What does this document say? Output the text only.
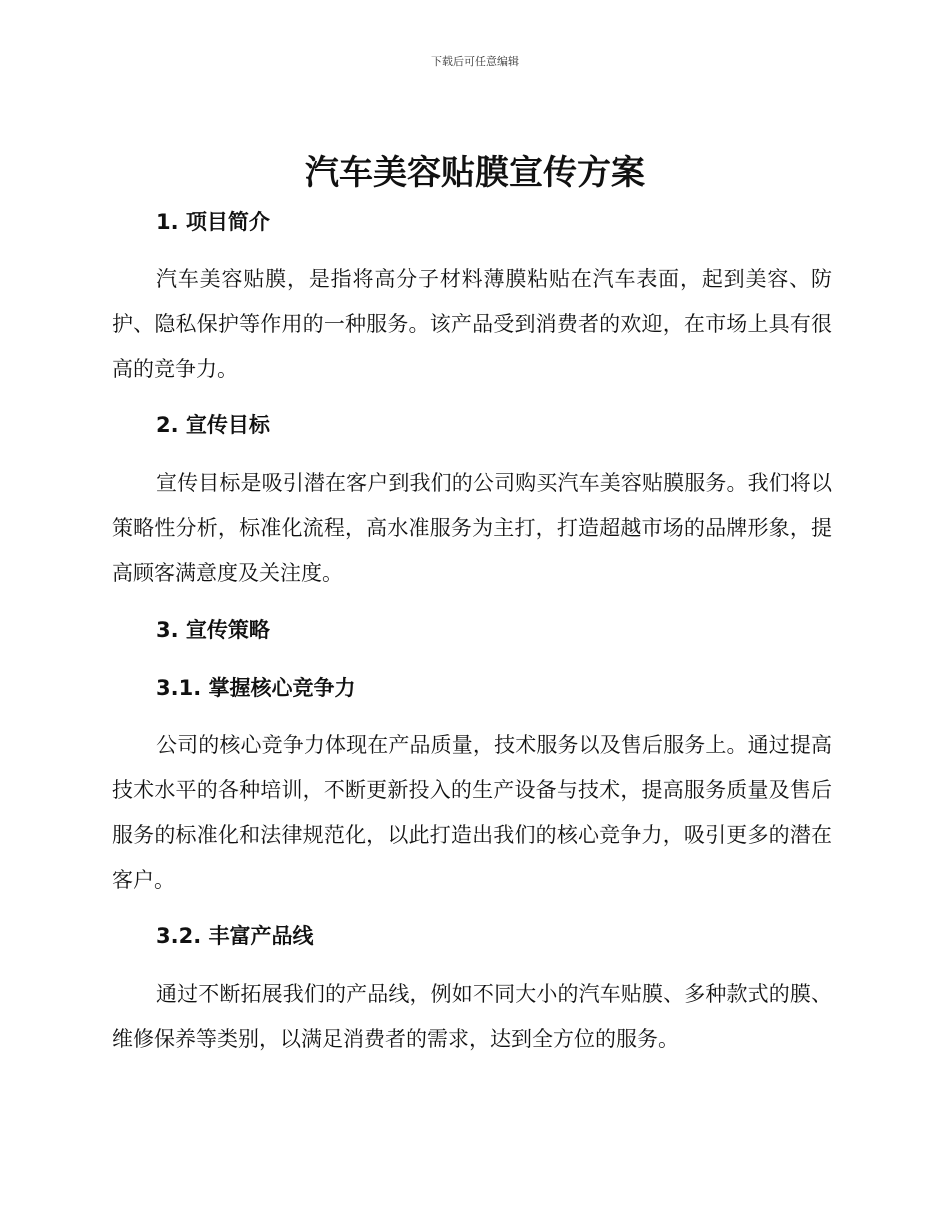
下载后可任意编辑
汽车美容贴膜宣传方案
1. 项目简介

汽车美容贴膜，是指将高分子材料薄膜粘贴在汽车表面，起到美容、防护、隐私保护等作用的一种服务。该产品受到消费者的欢迎，在市场上具有很高的竞争力。

2. 宣传目标

宣传目标是吸引潜在客户到我们的公司购买汽车美容贴膜服务。我们将以策略性分析，标准化流程，高水准服务为主打，打造超越市场的品牌形象，提高顾客满意度及关注度。

3. 宣传策略
3.1. 掌握核心竞争力

公司的核心竞争力体现在产品质量，技术服务以及售后服务上。通过提高技术水平的各种培训，不断更新投入的生产设备与技术，提高服务质量及售后服务的标准化和法律规范化，以此打造出我们的核心竞争力，吸引更多的潜在客户。

3.2. 丰富产品线

通过不断拓展我们的产品线，例如不同大小的汽车贴膜、多种款式的膜、维修保养等类别，以满足消费者的需求，达到全方位的服务。
